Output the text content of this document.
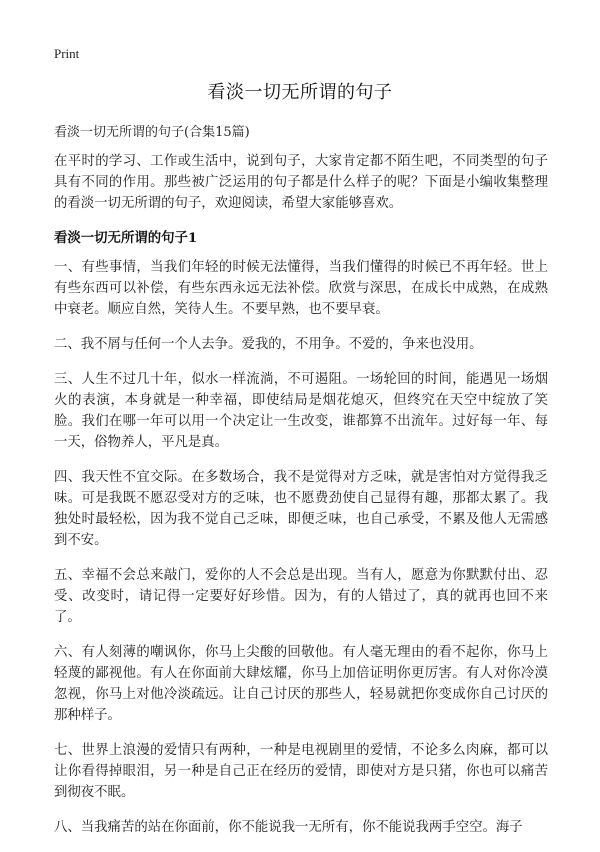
Print
看淡一切无所谓的句子
看淡一切无所谓的句子(合集15篇)

在平时的学习、工作或生活中，说到句子，大家肯定都不陌生吧，不同类型的句子具有不同的作用。那些被广泛运用的句子都是什么样子的呢？下面是小编收集整理的看淡一切无所谓的句子，欢迎阅读，希望大家能够喜欢。

看淡一切无所谓的句子1

一、有些事情，当我们年轻的时候无法懂得，当我们懂得的时候已不再年轻。世上有些东西可以补偿，有些东西永远无法补偿。欣赏与深思，在成长中成熟，在成熟中衰老。顺应自然，笑待人生。不要早熟，也不要早衰。

二、我不屑与任何一个人去争。爱我的，不用争。不爱的，争来也没用。

三、人生不过几十年，似水一样流淌，不可遏阻。一场轮回的时间，能遇见一场烟火的表演，本身就是一种幸福，即使结局是烟花熄灭，但终究在天空中绽放了笑脸。我们在哪一年可以用一个决定让一生改变，谁都算不出流年。过好每一年、每一天，俗物养人，平凡是真。

四、我天性不宜交际。在多数场合，我不是觉得对方乏味，就是害怕对方觉得我乏味。可是我既不愿忍受对方的乏味，也不愿费劲使自己显得有趣，那都太累了。我独处时最轻松，因为我不觉自己乏味，即便乏味，也自己承受，不累及他人无需感到不安。

五、幸福不会总来敲门，爱你的人不会总是出现。当有人，愿意为你默默付出、忍受、改变时，请记得一定要好好珍惜。因为，有的人错过了，真的就再也回不来了。

六、有人刻薄的嘲讽你，你马上尖酸的回敬他。有人毫无理由的看不起你，你马上轻蔑的鄙视他。有人在你面前大肆炫耀，你马上加倍证明你更厉害。有人对你冷漠忽视，你马上对他冷淡疏远。让自己讨厌的那些人，轻易就把你变成你自己讨厌的那种样子。

七、世界上浪漫的爱情只有两种，一种是电视剧里的爱情，不论多么肉麻，都可以让你看得掉眼泪，另一种是自己正在经历的爱情，即使对方是只猪，你也可以痛苦到彻夜不眠。

八、当我痛苦的站在你面前，你不能说我一无所有，你不能说我两手空空。海子
